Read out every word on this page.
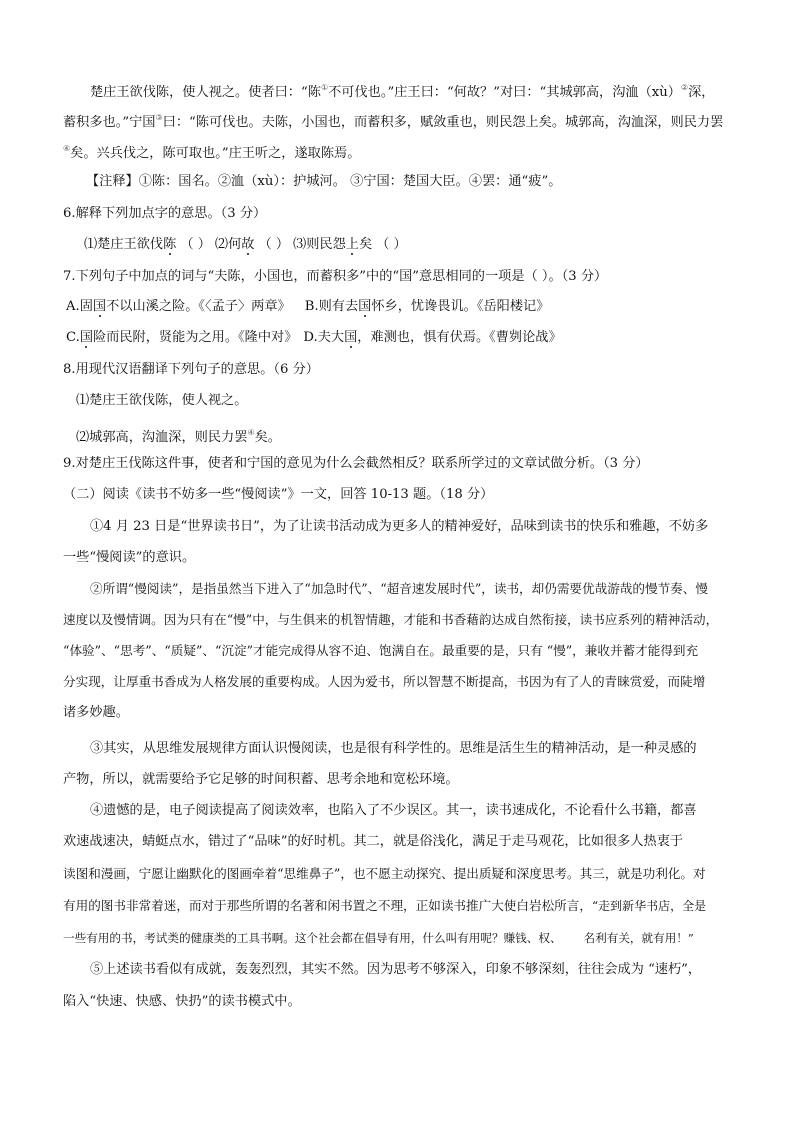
楚庄王欲伐陈，使人视之。使者曰：“陈①不可伐也。”庄王曰：“何故？”对曰：“其城郭高，沟洫（xù）②深，
蓄积多也。”宁国③曰：“陈可伐也。夫陈，小国也，而蓄积多，赋敛重也，则民怨上矣。城郭高，沟洫深，则民力罢
④矣。兴兵伐之，陈可取也。”庄王听之，遂取陈焉。
【注释】①陈：国名。②洫（xù）：护城河。 ③宁国：楚国大臣。④罢：通“疲”。
6.解释下列加点字的意思。（3 分）
⑴楚庄王欲伐陈 （ ） ⑵何故 （ ） ⑶则民怨上矣 （ ）
7.下列句子中加点的词与“夫陈，小国也，而蓄积多”中的“国”意思相同的一项是（ ）。（3 分）
A.固国不以山溪之险。《〈孟子〉两章》 B.则有去国怀乡，忧谗畏讥。《岳阳楼记》
C.国险而民附，贤能为之用。《隆中对》 D.夫大国，难测也，惧有伏焉。《曹刿论战》
8.用现代汉语翻译下列句子的意思。（6 分）
⑴楚庄王欲伐陈，使人视之。
⑵城郭高，沟洫深，则民力罢④矣。
9.对楚庄王伐陈这件事，使者和宁国的意见为什么会截然相反？联系所学过的文章试做分析。（3 分）
（二）阅读《读书不妨多一些“慢阅读”》一文，回答 10-13 题。（18 分）
①4 月 23 日是“世界读书日”，为了让读书活动成为更多人的精神爱好，品味到读书的快乐和雅趣，不妨多
一些“慢阅读”的意识。
②所谓“慢阅读”，是指虽然当下进入了“加急时代”、“超音速发展时代”，读书，却仍需要优哉游哉的慢节奏、慢
速度以及慢情调。因为只有在“慢”中，与生俱来的机智情趣，才能和书香藉韵达成自然衔接，读书应系列的精神活动，
“体验”、“思考”、“质疑”、“沉淀”才能完成得从容不迫、饱满自在。最重要的是，只有 “慢”，兼收并蓄才能得到充
分实现，让厚重书香成为人格发展的重要构成。人因为爱书，所以智慧不断提高，书因为有了人的青睐赏爱，而陡增
诸多妙趣。
③其实，从思维发展规律方面认识慢阅读，也是很有科学性的。思维是活生生的精神活动，是一种灵感的
产物，所以，就需要给予它足够的时间积蓄、思考余地和宽松环境。
④遗憾的是，电子阅读提高了阅读效率，也陷入了不少误区。其一，读书速成化，不论看什么书籍，都喜
欢速战速决，蜻蜓点水，错过了“品味”的好时机。其二，就是俗浅化，满足于走马观花，比如很多人热衷于
读图和漫画，宁愿让幽默化的图画牵着“思维鼻子”，也不愿主动探究、提出质疑和深度思考。其三，就是功利化。对
有用的图书非常着迷，而对于那些所谓的名著和闲书置之不理，正如读书推广大使白岩松所言，“走到新华书店，全是
一些有用的书，考试类的健康类的工具书啊。这个社会都在倡导有用，什么叫有用呢？赚钱、权、 名利有关，就有用！”
⑤上述读书看似有成就，轰轰烈烈，其实不然。因为思考不够深入，印象不够深刻，往往会成为 “速朽”，
陷入“快速、快感、快扔”的读书模式中。
